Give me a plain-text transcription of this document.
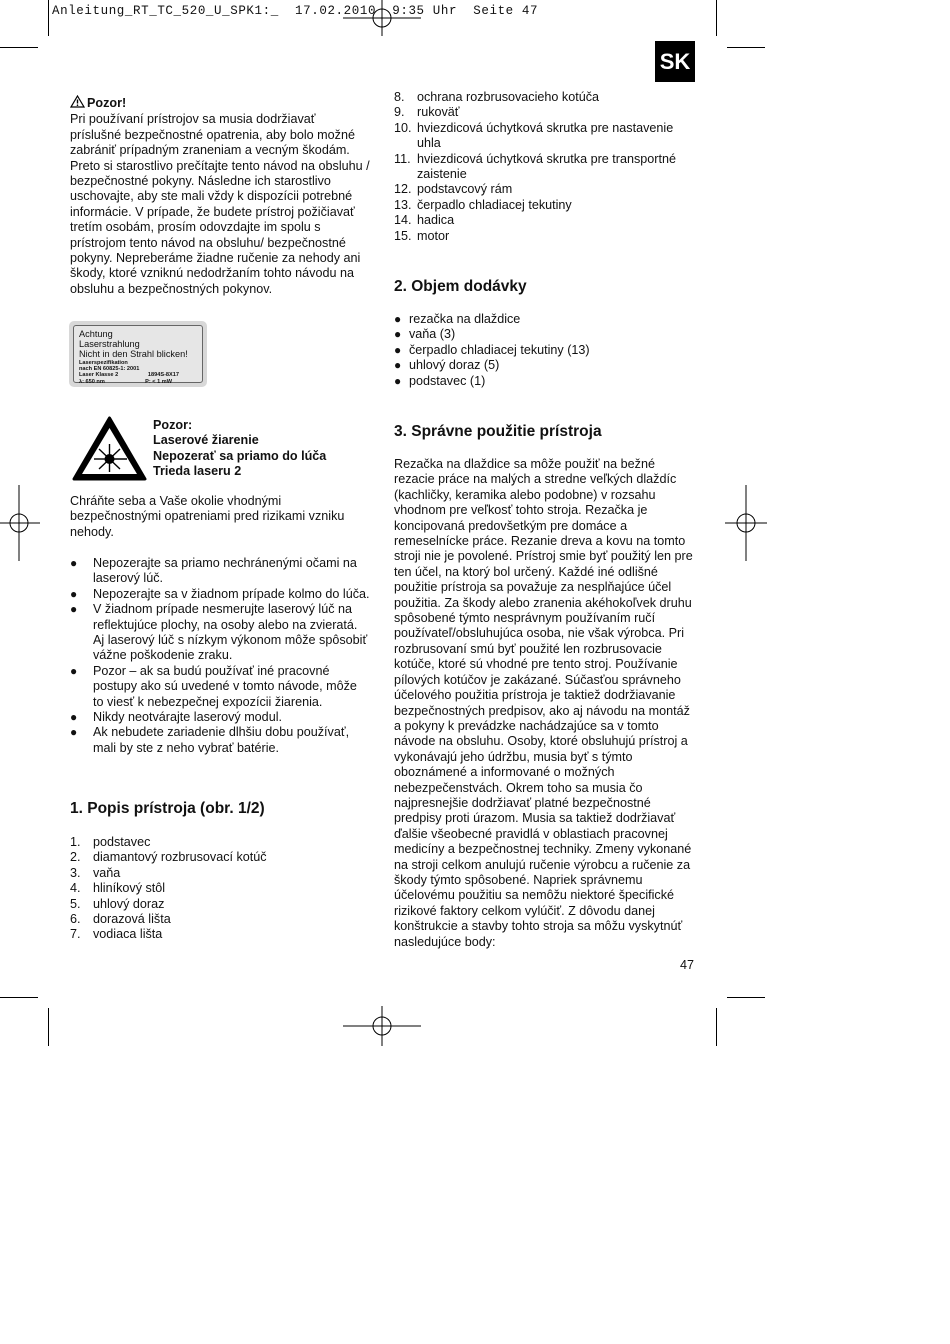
Anleitung_RT_TC_520_U_SPK1:_  17.02.2010  9:35 Uhr  Seite 47
SK

Pozor!

Pri používaní prístrojov sa musia dodržiavať príslušné bezpečnostné opatrenia, aby bolo možné zabrániť prípadným zraneniam a vecným škodám. Preto si starostlivo prečítajte tento návod na obsluhu / bezpečnostné pokyny. Následne ich starostlivo uschovajte, aby ste mali vždy k dispozícii potrebné informácie. V prípade, že budete prístroj požičiavať tretím osobám, prosím odovzdajte im spolu s prístrojom tento návod na obsluhu/ bezpečnostné pokyny. Nepreberáme žiadne ručenie za nehody ani škody, ktoré vzniknú nedodržaním tohto návodu na obsluhu a bezpečnostných pokynov.

Achtung
Laserstrahlung
Nicht in den Strahl blicken!
Laserspezifikation
nach EN 60825-1: 2001
Laser Klasse 2	1894S-8X17
λ: 650 nm	P: < 1 mW

Pozor:

Laserové žiarenie

Nepozerať sa priamo do lúča

Trieda laseru 2

Chráňte seba a Vaše okolie vhodnými bezpečnostnými opatreniami pred rizikami vzniku nehody.

● Nepozerajte sa priamo nechránenými očami na laserový lúč.

● Nepozerajte sa v žiadnom prípade kolmo do lúča.

● V žiadnom prípade nesmerujte laserový lúč na reflektujúce plochy, na osoby alebo na zvieratá. Aj laserový lúč s nízkym výkonom môže spôsobiť vážne poškodenie zraku.

● Pozor – ak sa budú používať iné pracovné postupy ako sú uvedené v tomto návode, môže to viesť k nebezpečnej expozícii žiarenia.

● Nikdy neotvárajte laserový modul.

● Ak nebudete zariadenie dlhšiu dobu používať, mali by ste z neho vybrať batérie.

1. Popis prístroja (obr. 1/2)
1. podstavec
2. diamantový rozbrusovací kotúč
3. vaňa
4. hliníkový stôl
5. uhlový doraz
6. dorazová lišta
7. vodiaca lišta
8. ochrana rozbrusovacieho kotúča
9. rukoväť
10. hviezdicová úchytková skrutka pre nastavenie uhla
11. hviezdicová úchytková skrutka pre transportné zaistenie
12. podstavcový rám
13. čerpadlo chladiacej tekutiny
14. hadica
15. motor
2. Objem dodávky

● rezačka na dlaždice

● vaňa (3)

● čerpadlo chladiacej tekutiny (13)

● uhlový doraz (5)

● podstavec (1)

3. Správne použitie prístroja

Rezačka na dlaždice sa môže použiť na bežné rezacie práce na malých a stredne veľkých dlaždíc (kachličky, keramika alebo podobne) v rozsahu vhodnom pre veľkosť tohto stroja. Rezačka je koncipovaná predovšetkým pre domáce a remeselnícke práce. Rezanie dreva a kovu na tomto stroji nie je povolené. Prístroj smie byť použitý len pre ten účel, na ktorý bol určený. Každé iné odlišné použitie prístroja sa považuje za nesplňajúce účel použitia. Za škody alebo zranenia akéhokoľvek druhu spôsobené týmto nesprávnym používaním ručí používateľ/obsluhujúca osoba, nie však výrobca. Pri rozbrusovaní smú byť použité len rozbrusovacie kotúče, ktoré sú vhodné pre tento stroj. Používanie pílových kotúčov je zakázané. Súčasťou správneho účelového použitia prístroja je taktiež dodržiavanie bezpečnostných predpisov, ako aj návodu na montáž a pokyny k prevádzke nachádzajúce sa v tomto návode na obsluhu. Osoby, ktoré obsluhujú prístroj a vykonávajú jeho údržbu, musia byť s týmto oboznámené a informované o možných nebezpečenstvách. Okrem toho sa musia čo najpresnejšie dodržiavať platné bezpečnostné predpisy proti úrazom. Musia sa taktiež dodržiavať ďalšie všeobecné pravidlá v oblastiach pracovnej medicíny a bezpečnostnej techniky. Zmeny vykonané na stroji celkom anulujú ručenie výrobcu a ručenie za škody týmto spôsobené. Napriek správnemu účelovému použitiu sa nemôžu niektoré špecifické rizikové faktory celkom vylúčiť. Z dôvodu danej konštrukcie a stavby tohto stroja sa môžu vyskytnúť nasledujúce body:

47
